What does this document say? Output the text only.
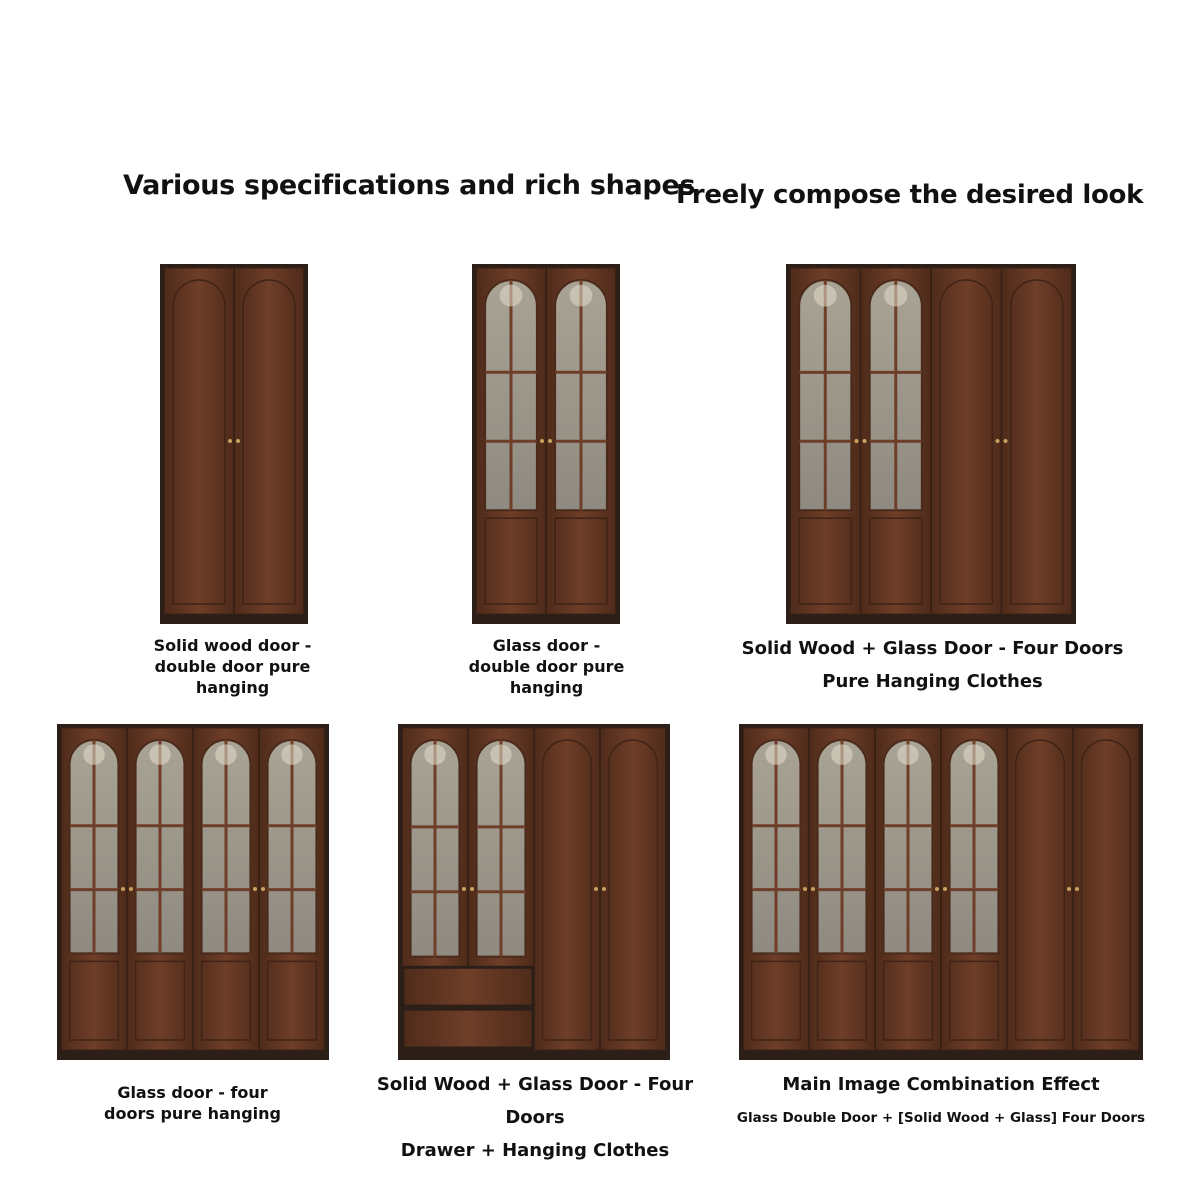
Various specifications and rich shapes
Freely compose the desired look
Solid wood door -
double door pure
hanging
Glass door -
double door pure
hanging
Solid Wood + Glass Door - Four Doors
Pure Hanging Clothes
Glass door - four
doors pure hanging
Solid Wood + Glass Door - Four Doors
Drawer + Hanging Clothes
Main Image Combination Effect
Glass Double Door + [Solid Wood + Glass] Four Doors
